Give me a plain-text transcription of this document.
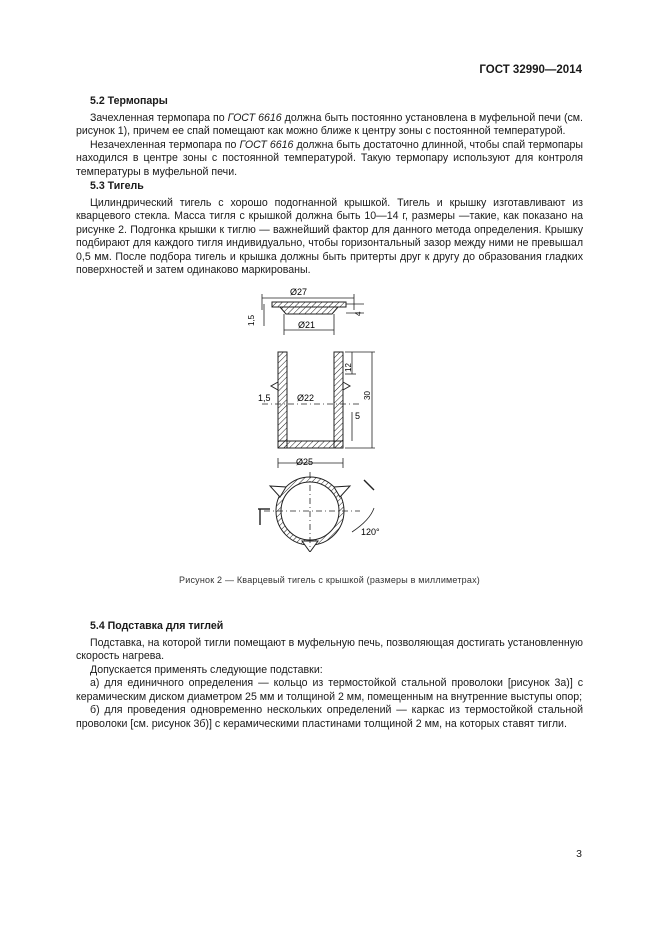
ГОСТ 32990—2014
5.2 Термопары

Зачехленная термопара по ГОСТ 6616 должна быть постоянно установлена в муфельной печи (см. рисунок 1), причем ее спай помещают как можно ближе к центру зоны с постоянной температурой.

Незачехленная термопара по ГОСТ 6616 должна быть достаточно длинной, чтобы спай термопары находился в центре зоны с постоянной температурой. Такую термопару используют для контроля температуры в муфельной печи.

5.3 Тигель

Цилиндрический тигель с хорошо подогнанной крышкой. Тигель и крышку изготавливают из кварцевого стекла. Масса тигля с крышкой должна быть 10—14 г, размеры —такие, как показано на рисунке 2. Подгонка крышки к тиглю — важнейший фактор для данного метода определения. Крышку подбирают для каждого тигля индивидуально, чтобы горизонтальный зазор между ними не превышал 0,5 мм. После подбора тигель и крышка должны быть притерты друг к другу до образования гладких поверхностей и затем одинаково маркированы.

Ø27
Ø21
1,5
4
1,5	Ø22
12
30
5
Ø25
120°
Рисунок 2 — Кварцевый тигель с крышкой (размеры в миллиметрах)
5.4 Подставка для тиглей

Подставка, на которой тигли помещают в муфельную печь, позволяющая достигать установленную скорость нагрева.

Допускается применять следующие подставки:

а) для единичного определения — кольцо из термостойкой стальной проволоки [рисунок 3а)] с керамическим диском диаметром 25 мм и толщиной 2 мм, помещенным на внутренние выступы опор;

б) для проведения одновременно нескольких определений — каркас из термостойкой стальной проволоки [см. рисунок 3б)] с керамическими пластинами толщиной 2 мм, на которых ставят тигли.

3
